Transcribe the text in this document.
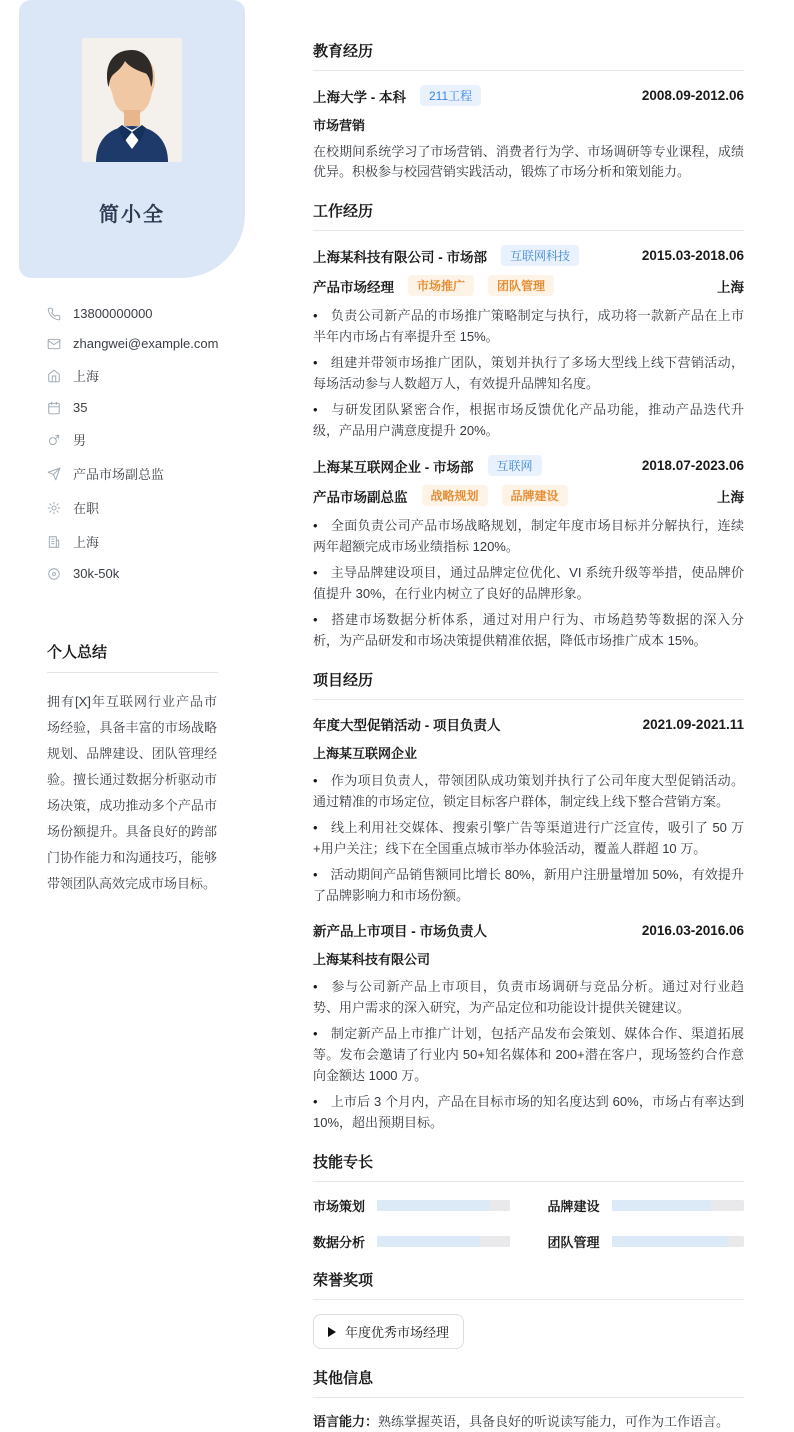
简小全
13800000000
zhangwei@example.com
上海
35
男
产品市场副总监
在职
上海
30k-50k
个人总结
拥有[X]年互联网行业产品市场经验，具备丰富的市场战略规划、品牌建设、团队管理经验。擅长通过数据分析驱动市场决策，成功推动多个产品市场份额提升。具备良好的跨部门协作能力和沟通技巧，能够带领团队高效完成市场目标。
教育经历
上海大学 - 本科	211工程	2008.09-2012.06
市场营销

在校期间系统学习了市场营销、消费者行为学、市场调研等专业课程，成绩优异。积极参与校园营销实践活动，锻炼了市场分析和策划能力。

工作经历
上海某科技有限公司 - 市场部	互联网科技	2015.03-2018.06
产品市场经理	市场推广	团队管理	上海

• 负责公司新产品的市场推广策略制定与执行，成功将一款新产品在上市半年内市场占有率提升至 15%。

• 组建并带领市场推广团队，策划并执行了多场大型线上线下营销活动，每场活动参与人数超万人，有效提升品牌知名度。

• 与研发团队紧密合作，根据市场反馈优化产品功能，推动产品迭代升级，产品用户满意度提升 20%。

上海某互联网企业 - 市场部	互联网	2018.07-2023.06
产品市场副总监	战略规划	品牌建设	上海

• 全面负责公司产品市场战略规划，制定年度市场目标并分解执行，连续两年超额完成市场业绩指标 120%。

• 主导品牌建设项目，通过品牌定位优化、VI 系统升级等举措，使品牌价值提升 30%，在行业内树立了良好的品牌形象。

• 搭建市场数据分析体系，通过对用户行为、市场趋势等数据的深入分析，为产品研发和市场决策提供精准依据，降低市场推广成本 15%。

项目经历
年度大型促销活动 - 项目负责人	2021.09-2021.11
上海某互联网企业

• 作为项目负责人，带领团队成功策划并执行了公司年度大型促销活动。通过精准的市场定位，锁定目标客户群体，制定线上线下整合营销方案。

• 线上利用社交媒体、搜索引擎广告等渠道进行广泛宣传，吸引了 50 万+用户关注；线下在全国重点城市举办体验活动，覆盖人群超 10 万。

• 活动期间产品销售额同比增长 80%，新用户注册量增加 50%，有效提升了品牌影响力和市场份额。

新产品上市项目 - 市场负责人	2016.03-2016.06
上海某科技有限公司

• 参与公司新产品上市项目，负责市场调研与竞品分析。通过对行业趋势、用户需求的深入研究，为产品定位和功能设计提供关键建议。

• 制定新产品上市推广计划，包括产品发布会策划、媒体合作、渠道拓展等。发布会邀请了行业内 50+知名媒体和 200+潜在客户，现场签约合作意向金额达 1000 万。

• 上市后 3 个月内，产品在目标市场的知名度达到 60%，市场占有率达到 10%，超出预期目标。

技能专长
市场策划	品牌建设
数据分析	团队管理
荣誉奖项
年度优秀市场经理
其他信息

语言能力：熟练掌握英语，具备良好的听说读写能力，可作为工作语言。
